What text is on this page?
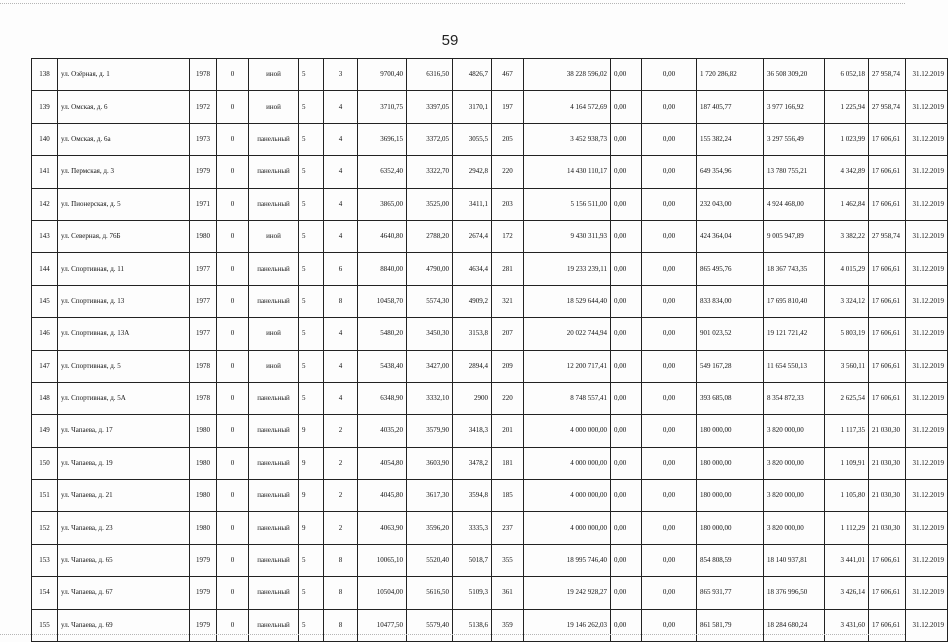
59
138	ул. Озёрная, д. 1	1978	0	иной	5	3	9700,40	6316,50	4826,7	467	38 228 596,02	0,00	0,00	1 720 286,82	36 508 309,20	6 052,18	27 958,74	31.12.2019
139	ул. Омская, д. 6	1972	0	иной	5	4	3710,75	3397,05	3170,1	197	4 164 572,69	0,00	0,00	187 405,77	3 977 166,92	1 225,94	27 958,74	31.12.2019
140	ул. Омская, д. 6а	1973	0	панельный	5	4	3696,15	3372,05	3055,5	205	3 452 938,73	0,00	0,00	155 382,24	3 297 556,49	1 023,99	17 606,61	31.12.2019
141	ул. Пермская, д. 3	1979	0	панельный	5	4	6352,40	3322,70	2942,8	220	14 430 110,17	0,00	0,00	649 354,96	13 780 755,21	4 342,89	17 606,61	31.12.2019
142	ул. Пионерская, д. 5	1971	0	панельный	5	4	3865,00	3525,00	3411,1	203	5 156 511,00	0,00	0,00	232 043,00	4 924 468,00	1 462,84	17 606,61	31.12.2019
143	ул. Северная, д. 76Б	1980	0	иной	5	4	4640,80	2788,20	2674,4	172	9 430 311,93	0,00	0,00	424 364,04	9 005 947,89	3 382,22	27 958,74	31.12.2019
144	ул. Спортивная, д. 11	1977	0	панельный	5	6	8840,00	4790,00	4634,4	281	19 233 239,11	0,00	0,00	865 495,76	18 367 743,35	4 015,29	17 606,61	31.12.2019
145	ул. Спортивная, д. 13	1977	0	панельный	5	8	10458,70	5574,30	4909,2	321	18 529 644,40	0,00	0,00	833 834,00	17 695 810,40	3 324,12	17 606,61	31.12.2019
146	ул. Спортивная, д. 13А	1977	0	иной	5	4	5480,20	3450,30	3153,8	207	20 022 744,94	0,00	0,00	901 023,52	19 121 721,42	5 803,19	17 606,61	31.12.2019
147	ул. Спортивная, д. 5	1978	0	иной	5	4	5438,40	3427,00	2894,4	209	12 200 717,41	0,00	0,00	549 167,28	11 654 550,13	3 560,11	17 606,61	31.12.2019
148	ул. Спортивная, д. 5А	1978	0	панельный	5	4	6348,90	3332,10	2900	220	8 748 557,41	0,00	0,00	393 685,08	8 354 872,33	2 625,54	17 606,61	31.12.2019
149	ул. Чапаева, д. 17	1980	0	панельный	9	2	4035,20	3579,90	3418,3	201	4 000 000,00	0,00	0,00	180 000,00	3 820 000,00	1 117,35	21 030,30	31.12.2019
150	ул. Чапаева, д. 19	1980	0	панельный	9	2	4054,80	3603,90	3478,2	181	4 000 000,00	0,00	0,00	180 000,00	3 820 000,00	1 109,91	21 030,30	31.12.2019
151	ул. Чапаева, д. 21	1980	0	панельный	9	2	4045,80	3617,30	3594,8	185	4 000 000,00	0,00	0,00	180 000,00	3 820 000,00	1 105,80	21 030,30	31.12.2019
152	ул. Чапаева, д. 23	1980	0	панельный	9	2	4063,90	3596,20	3335,3	237	4 000 000,00	0,00	0,00	180 000,00	3 820 000,00	1 112,29	21 030,30	31.12.2019
153	ул. Чапаева, д. 65	1979	0	панельный	5	8	10065,10	5520,40	5018,7	355	18 995 746,40	0,00	0,00	854 808,59	18 140 937,81	3 441,01	17 606,61	31.12.2019
154	ул. Чапаева, д. 67	1979	0	панельный	5	8	10504,00	5616,50	5109,3	361	19 242 928,27	0,00	0,00	865 931,77	18 376 996,50	3 426,14	17 606,61	31.12.2019
155	ул. Чапаева, д. 69	1979	0	панельный	5	8	10477,50	5579,40	5138,6	359	19 146 262,03	0,00	0,00	861 581,79	18 284 680,24	3 431,60	17 606,61	31.12.2019
